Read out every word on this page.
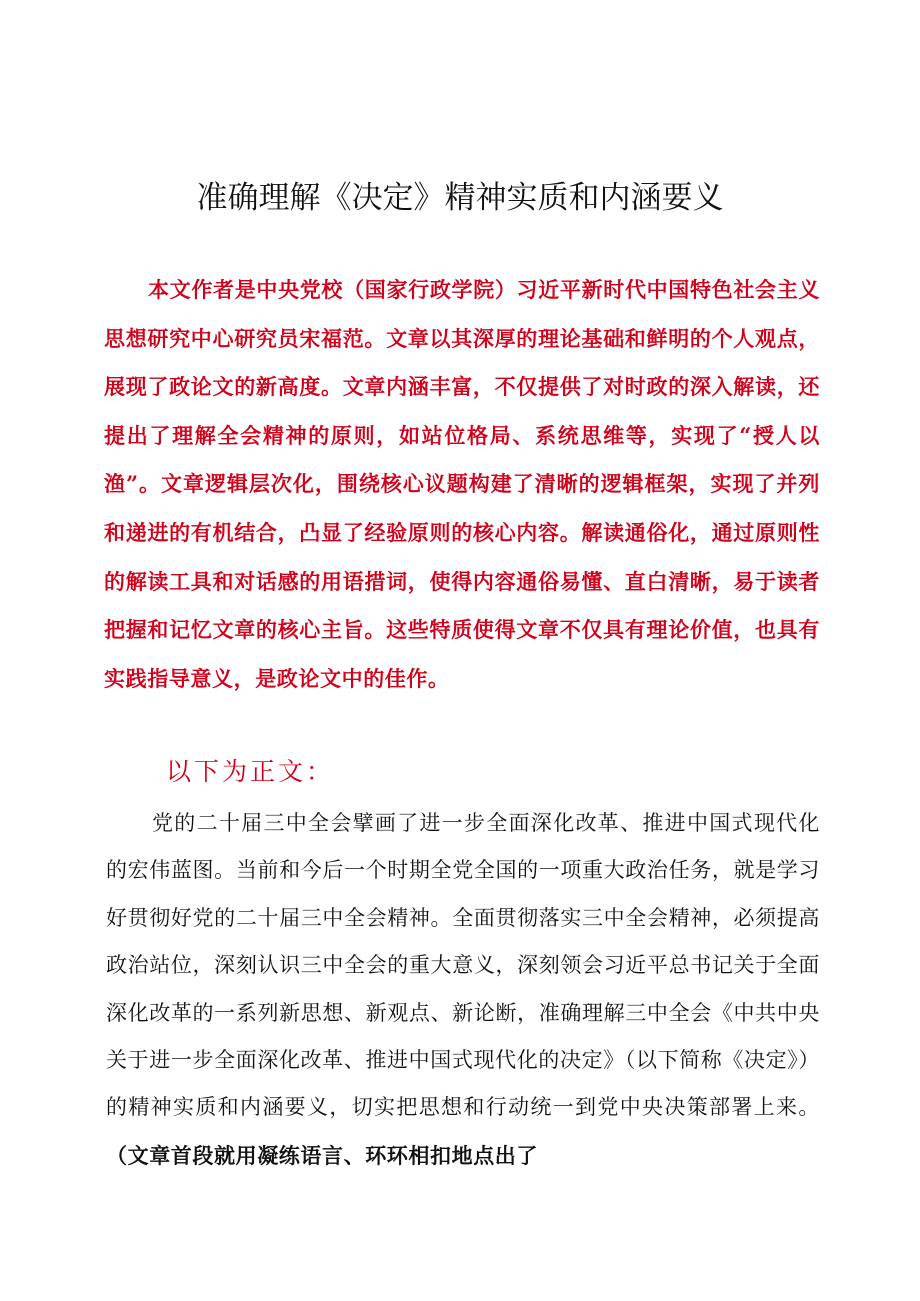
准确理解《决定》精神实质和内涵要义

本文作者是中央党校（国家行政学院）习近平新时代中国特色社会主义思想研究中心研究员宋福范。文章以其深厚的理论基础和鲜明的个人观点，展现了政论文的新高度。文章内涵丰富，不仅提供了对时政的深入解读，还提出了理解全会精神的原则，如站位格局、系统思维等，实现了“授人以渔”。文章逻辑层次化，围绕核心议题构建了清晰的逻辑框架，实现了并列和递进的有机结合，凸显了经验原则的核心内容。解读通俗化，通过原则性的解读工具和对话感的用语措词，使得内容通俗易懂、直白清晰，易于读者把握和记忆文章的核心主旨。这些特质使得文章不仅具有理论价值，也具有实践指导意义，是政论文中的佳作。

以下为正文：

党的二十届三中全会擘画了进一步全面深化改革、推进中国式现代化的宏伟蓝图。当前和今后一个时期全党全国的一项重大政治任务，就是学习好贯彻好党的二十届三中全会精神。全面贯彻落实三中全会精神，必须提高政治站位，深刻认识三中全会的重大意义，深刻领会习近平总书记关于全面深化改革的一系列新思想、新观点、新论断，准确理解三中全会《中共中央关于进一步全面深化改革、推进中国式现代化的决定》（以下简称《决定》）的精神实质和内涵要义，切实把思想和行动统一到党中央决策部署上来。（文章首段就用凝练语言、环环相扣地点出了
